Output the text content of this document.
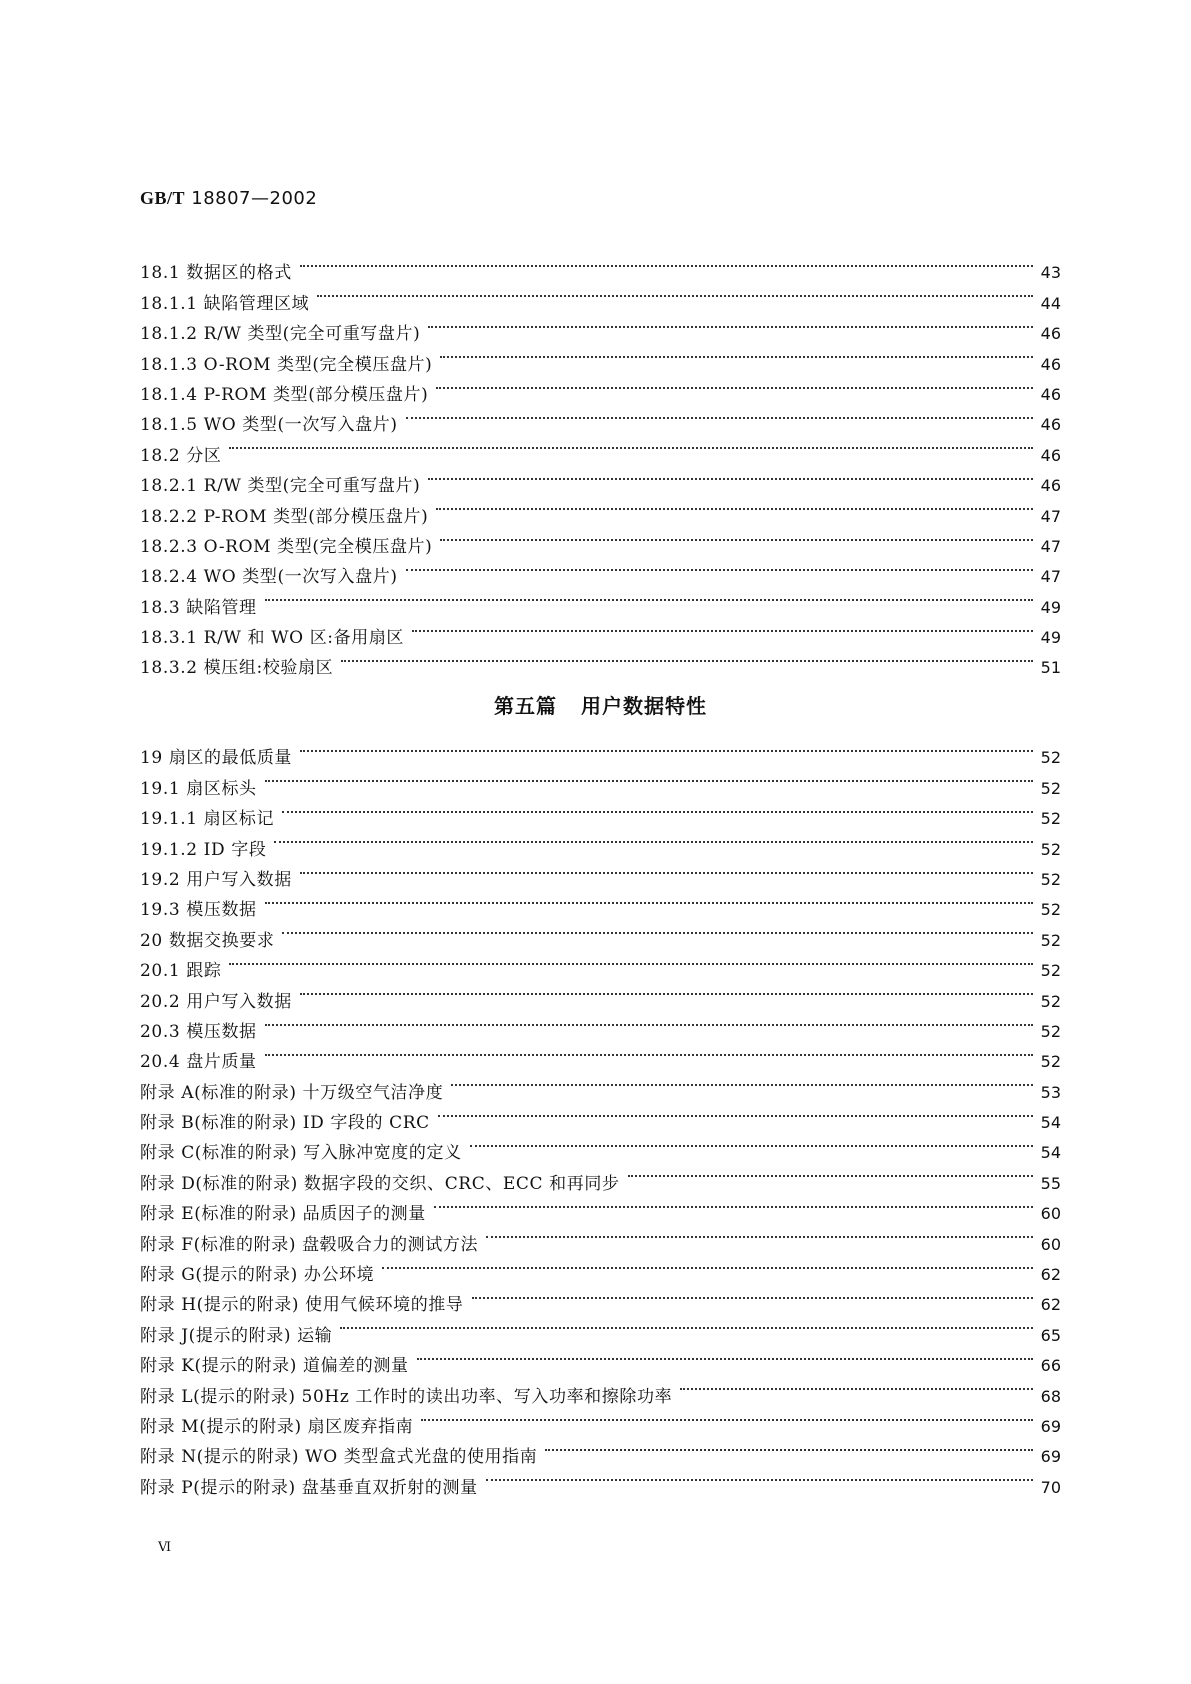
GB/T 18807—2002
18.1 数据区的格式	43
18.1.1 缺陷管理区域	44
18.1.2 R/W 类型(完全可重写盘片)	46
18.1.3 O-ROM 类型(完全模压盘片)	46
18.1.4 P-ROM 类型(部分模压盘片)	46
18.1.5 WO 类型(一次写入盘片)	46
18.2 分区	46
18.2.1 R/W 类型(完全可重写盘片)	46
18.2.2 P-ROM 类型(部分模压盘片)	47
18.2.3 O-ROM 类型(完全模压盘片)	47
18.2.4 WO 类型(一次写入盘片)	47
18.3 缺陷管理	49
18.3.1 R/W 和 WO 区:备用扇区	49
18.3.2 模压组:校验扇区	51
第五篇 用户数据特性
19 扇区的最低质量	52
19.1 扇区标头	52
19.1.1 扇区标记	52
19.1.2 ID 字段	52
19.2 用户写入数据	52
19.3 模压数据	52
20 数据交换要求	52
20.1 跟踪	52
20.2 用户写入数据	52
20.3 模压数据	52
20.4 盘片质量	52
附录 A(标准的附录) 十万级空气洁净度	53
附录 B(标准的附录) ID 字段的 CRC	54
附录 C(标准的附录) 写入脉冲宽度的定义	54
附录 D(标准的附录) 数据字段的交织、CRC、ECC 和再同步	55
附录 E(标准的附录) 品质因子的测量	60
附录 F(标准的附录) 盘毂吸合力的测试方法	60
附录 G(提示的附录) 办公环境	62
附录 H(提示的附录) 使用气候环境的推导	62
附录 J(提示的附录) 运输	65
附录 K(提示的附录) 道偏差的测量	66
附录 L(提示的附录) 50Hz 工作时的读出功率、写入功率和擦除功率	68
附录 M(提示的附录) 扇区废弃指南	69
附录 N(提示的附录) WO 类型盒式光盘的使用指南	69
附录 P(提示的附录) 盘基垂直双折射的测量	70
Ⅵ
